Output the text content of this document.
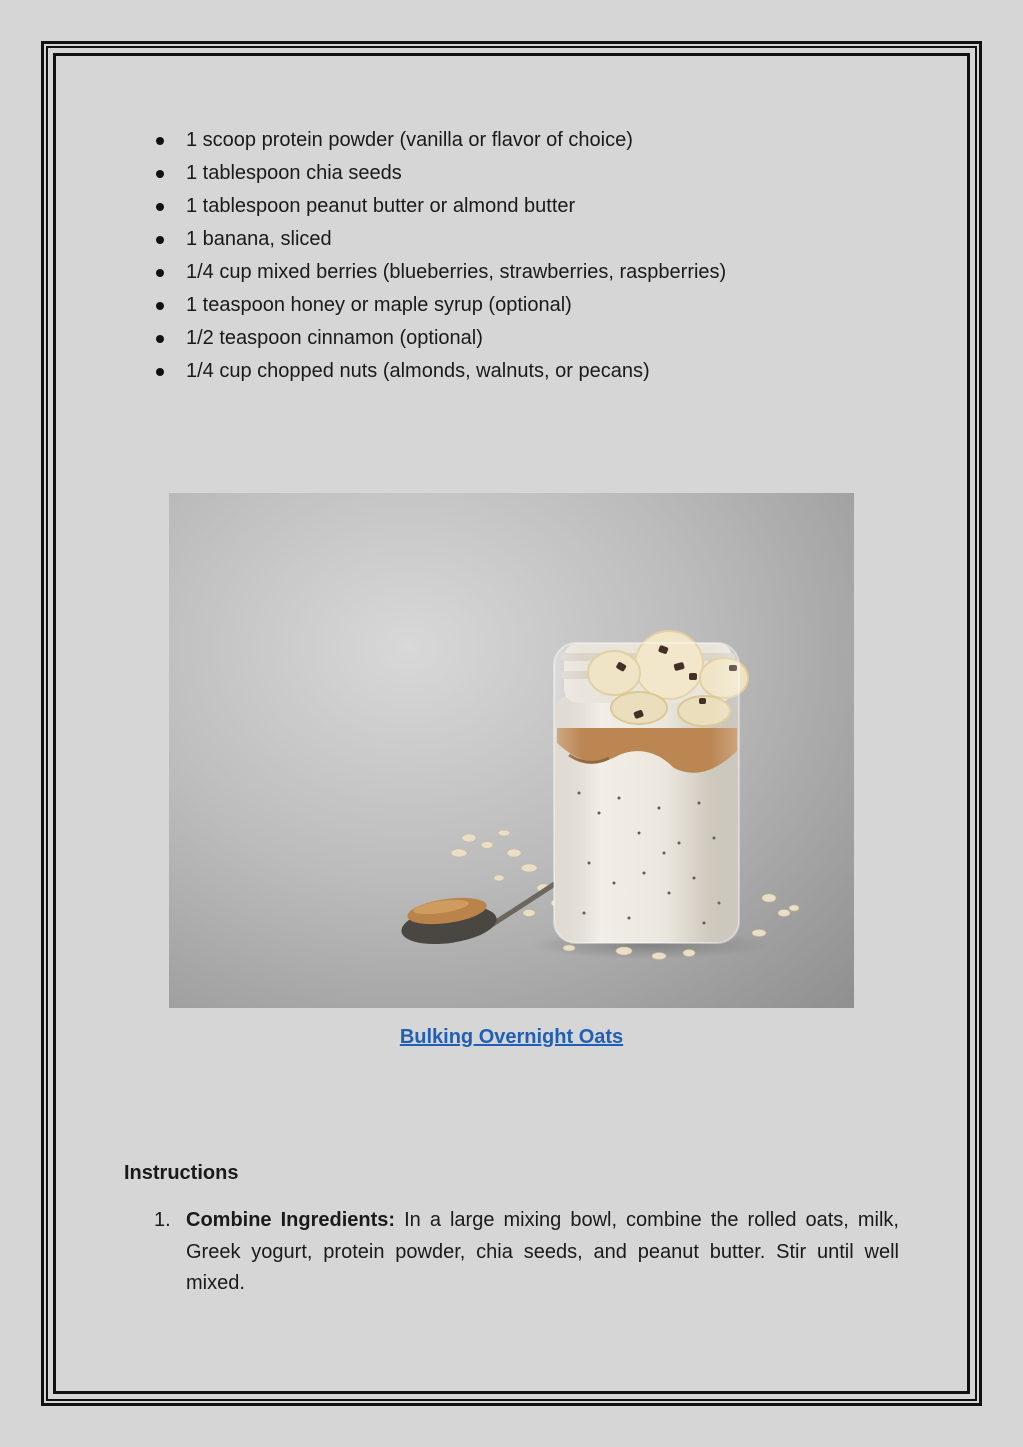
1 scoop protein powder (vanilla or flavor of choice)
1 tablespoon chia seeds
1 tablespoon peanut butter or almond butter
1 banana, sliced
1/4 cup mixed berries (blueberries, strawberries, raspberries)
1 teaspoon honey or maple syrup (optional)
1/2 teaspoon cinnamon (optional)
1/4 cup chopped nuts (almonds, walnuts, or pecans)
Bulking Overnight Oats
Instructions
1. Combine Ingredients: In a large mixing bowl, combine the rolled oats, milk, Greek yogurt, protein powder, chia seeds, and peanut butter. Stir until well mixed.
